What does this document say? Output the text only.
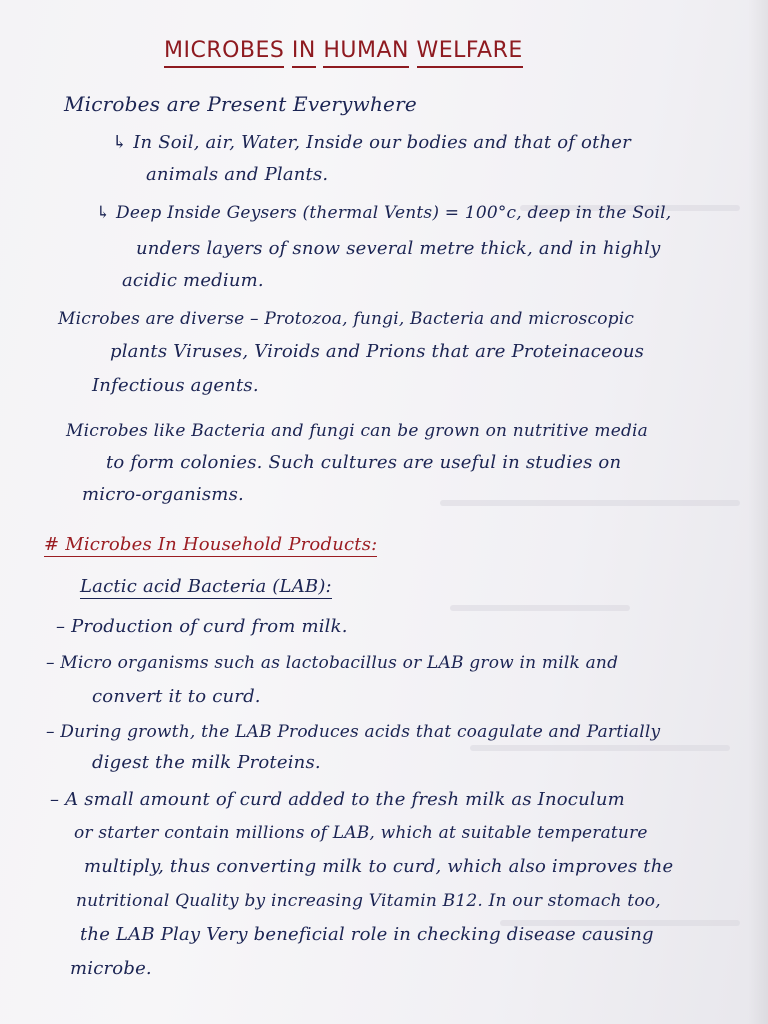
MICROBES IN HUMAN WELFARE
Microbes are Present Everywhere
↳ In Soil, air, Water, Inside our bodies and that of other
animals and Plants.
↳ Deep Inside Geysers (thermal Vents) = 100°c, deep in the Soil,
unders layers of snow several metre thick, and in highly
acidic medium.
Microbes are diverse – Protozoa, fungi, Bacteria and microscopic
plants Viruses, Viroids and Prions that are Proteinaceous
Infectious agents.
Microbes like Bacteria and fungi can be grown on nutritive media
to form colonies. Such cultures are useful in studies on
micro-organisms.
# Microbes In Household Products:
Lactic acid Bacteria (LAB):
– Production of curd from milk.
– Micro organisms such as lactobacillus or LAB grow in milk and
convert it to curd.
– During growth, the LAB Produces acids that coagulate and Partially
digest the milk Proteins.
– A small amount of curd added to the fresh milk as Inoculum
or starter contain millions of LAB, which at suitable temperature
multiply, thus converting milk to curd, which also improves the
nutritional Quality by increasing Vitamin B12. In our stomach too,
the LAB Play Very beneficial role in checking disease causing
microbe.
